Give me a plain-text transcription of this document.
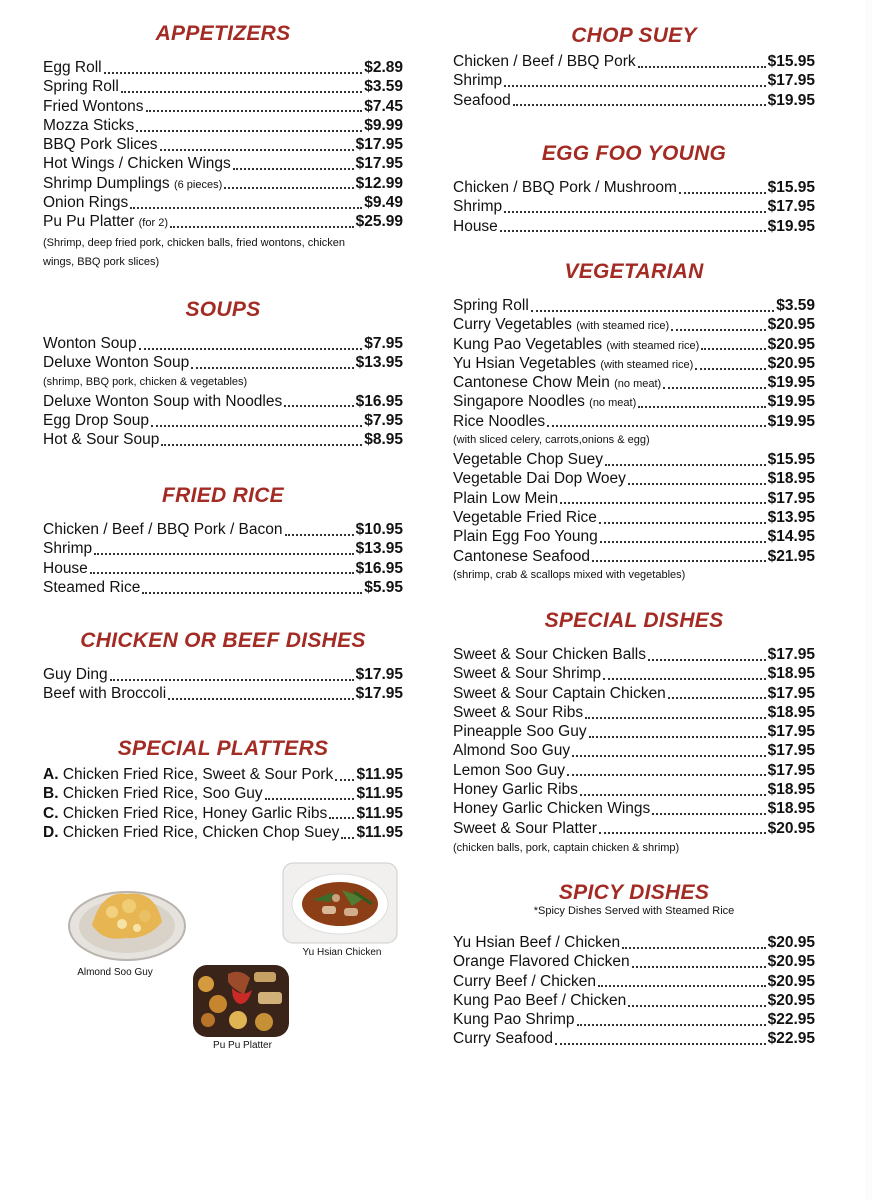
APPETIZERS
Egg Roll	$2.89
Spring Roll	$3.59
Fried Wontons	$7.45
Mozza Sticks	$9.99
BBQ Pork Slices	$17.95
Hot Wings / Chicken Wings	$17.95
Shrimp Dumplings (6 pieces)	$12.99
Onion Rings	$9.49
Pu Pu Platter (for 2)	$25.99
(Shrimp, deep fried pork, chicken balls, fried wontons, chicken
wings, BBQ pork slices)
SOUPS
Wonton Soup	$7.95
Deluxe Wonton Soup	$13.95
(shrimp, BBQ pork, chicken & vegetables)
Deluxe Wonton Soup with Noodles	$16.95
Egg Drop Soup	$7.95
Hot & Sour Soup	$8.95
FRIED RICE
Chicken / Beef / BBQ Pork / Bacon	$10.95
Shrimp	$13.95
House	$16.95
Steamed Rice	$5.95
CHICKEN OR BEEF DISHES
Guy Ding	$17.95
Beef with Broccoli	$17.95
SPECIAL PLATTERS
A. Chicken Fried Rice, Sweet & Sour Pork $11.95
B. Chicken Fried Rice, Soo Guy	$11.95
C. Chicken Fried Rice, Honey Garlic Ribs $11.95
D. Chicken Fried Rice, Chicken Chop Suey $11.95
CHOP SUEY
Chicken / Beef / BBQ Pork	$15.95
Shrimp	$17.95
Seafood	$19.95
EGG FOO YOUNG
Chicken / BBQ Pork / Mushroom	$15.95
Shrimp	$17.95
House	$19.95
VEGETARIAN
Spring Roll	$3.59
Curry Vegetables (with steamed rice)	$20.95
Kung Pao Vegetables (with steamed rice)	$20.95
Yu Hsian Vegetables (with steamed rice)	$20.95
Cantonese Chow Mein (no meat)	$19.95
Singapore Noodles (no meat)	$19.95
Rice Noodles	$19.95
(with sliced celery, carrots,onions & egg)
Vegetable Chop Suey	$15.95
Vegetable Dai Dop Woey	$18.95
Plain Low Mein	$17.95
Vegetable Fried Rice	$13.95
Plain Egg Foo Young	$14.95
Cantonese Seafood	$21.95
(shrimp, crab & scallops mixed with vegetables)
SPECIAL DISHES
Sweet & Sour Chicken Balls	$17.95
Sweet & Sour Shrimp	$18.95
Sweet & Sour Captain Chicken	$17.95
Sweet & Sour Ribs	$18.95
Pineapple Soo Guy	$17.95
Almond Soo Guy	$17.95
Lemon Soo Guy	$17.95
Honey Garlic Ribs	$18.95
Honey Garlic Chicken Wings	$18.95
Sweet & Sour Platter	$20.95
(chicken balls, pork, captain chicken & shrimp)
SPICY DISHES
*Spicy Dishes Served with Steamed Rice
Yu Hsian Beef / Chicken	$20.95
Orange Flavored Chicken	$20.95
Curry Beef / Chicken	$20.95
Kung Pao Beef / Chicken	$20.95
Kung Pao Shrimp	$22.95
Curry Seafood	$22.95
Almond Soo Guy
Yu Hsian Chicken
Pu Pu Platter
